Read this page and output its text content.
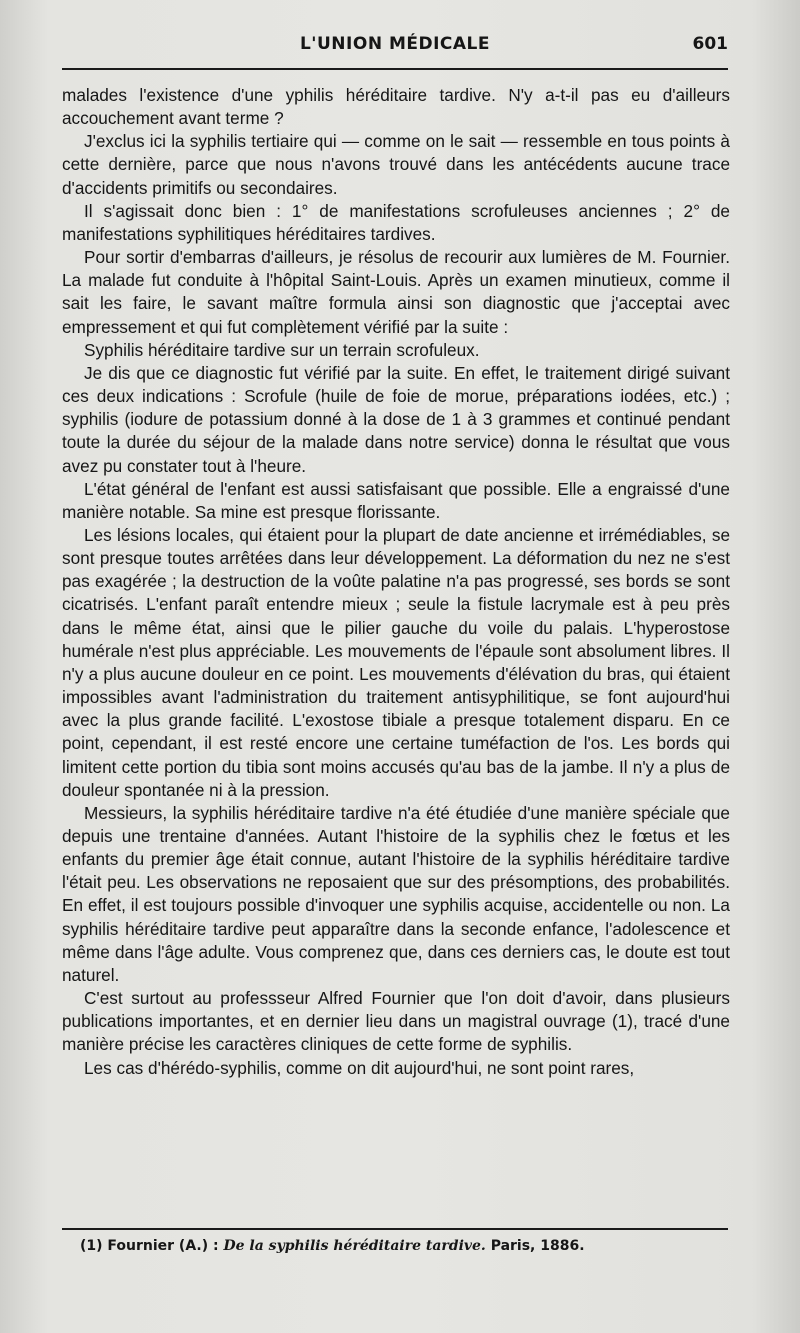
L'UNION MÉDICALE	601

malades l'existence d'une yphilis héréditaire tardive. N'y a-t-il pas eu d'ailleurs accouchement avant terme ?

J'exclus ici la syphilis tertiaire qui — comme on le sait — ressemble en tous points à cette dernière, parce que nous n'avons trouvé dans les antécédents aucune trace d'accidents primitifs ou secondaires.

Il s'agissait donc bien : 1° de manifestations scrofuleuses anciennes ; 2° de manifestations syphilitiques héréditaires tardives.

Pour sortir d'embarras d'ailleurs, je résolus de recourir aux lumières de M. Fournier. La malade fut conduite à l'hôpital Saint-Louis. Après un examen minutieux, comme il sait les faire, le savant maître formula ainsi son diagnostic que j'acceptai avec empressement et qui fut complètement vérifié par la suite :

Syphilis héréditaire tardive sur un terrain scrofuleux.

Je dis que ce diagnostic fut vérifié par la suite. En effet, le traitement dirigé suivant ces deux indications : Scrofule (huile de foie de morue, préparations iodées, etc.) ; syphilis (iodure de potassium donné à la dose de 1 à 3 grammes et continué pendant toute la durée du séjour de la malade dans notre service) donna le résultat que vous avez pu constater tout à l'heure.

L'état général de l'enfant est aussi satisfaisant que possible. Elle a engraissé d'une manière notable. Sa mine est presque florissante.

Les lésions locales, qui étaient pour la plupart de date ancienne et irrémédiables, se sont presque toutes arrêtées dans leur développement. La déformation du nez ne s'est pas exagérée ; la destruction de la voûte palatine n'a pas progressé, ses bords se sont cicatrisés. L'enfant paraît entendre mieux ; seule la fistule lacrymale est à peu près dans le même état, ainsi que le pilier gauche du voile du palais. L'hyperostose humérale n'est plus appréciable. Les mouvements de l'épaule sont absolument libres. Il n'y a plus aucune douleur en ce point. Les mouvements d'élévation du bras, qui étaient impossibles avant l'administration du traitement antisyphilitique, se font aujourd'hui avec la plus grande facilité. L'exostose tibiale a presque totalement disparu. En ce point, cependant, il est resté encore une certaine tuméfaction de l'os. Les bords qui limitent cette portion du tibia sont moins accusés qu'au bas de la jambe. Il n'y a plus de douleur spontanée ni à la pression.

Messieurs, la syphilis héréditaire tardive n'a été étudiée d'une manière spéciale que depuis une trentaine d'années. Autant l'histoire de la syphilis chez le fœtus et les enfants du premier âge était connue, autant l'histoire de la syphilis héréditaire tardive l'était peu. Les observations ne reposaient que sur des présomptions, des probabilités. En effet, il est toujours possible d'invoquer une syphilis acquise, accidentelle ou non. La syphilis héréditaire tardive peut apparaître dans la seconde enfance, l'adolescence et même dans l'âge adulte. Vous comprenez que, dans ces derniers cas, le doute est tout naturel.

C'est surtout au professseur Alfred Fournier que l'on doit d'avoir, dans plusieurs publications importantes, et en dernier lieu dans un magistral ouvrage (1), tracé d'une manière précise les caractères cliniques de cette forme de syphilis.

Les cas d'hérédo-syphilis, comme on dit aujourd'hui, ne sont point rares,

(1) Fournier (A.) : De la syphilis héréditaire tardive. Paris, 1886.
